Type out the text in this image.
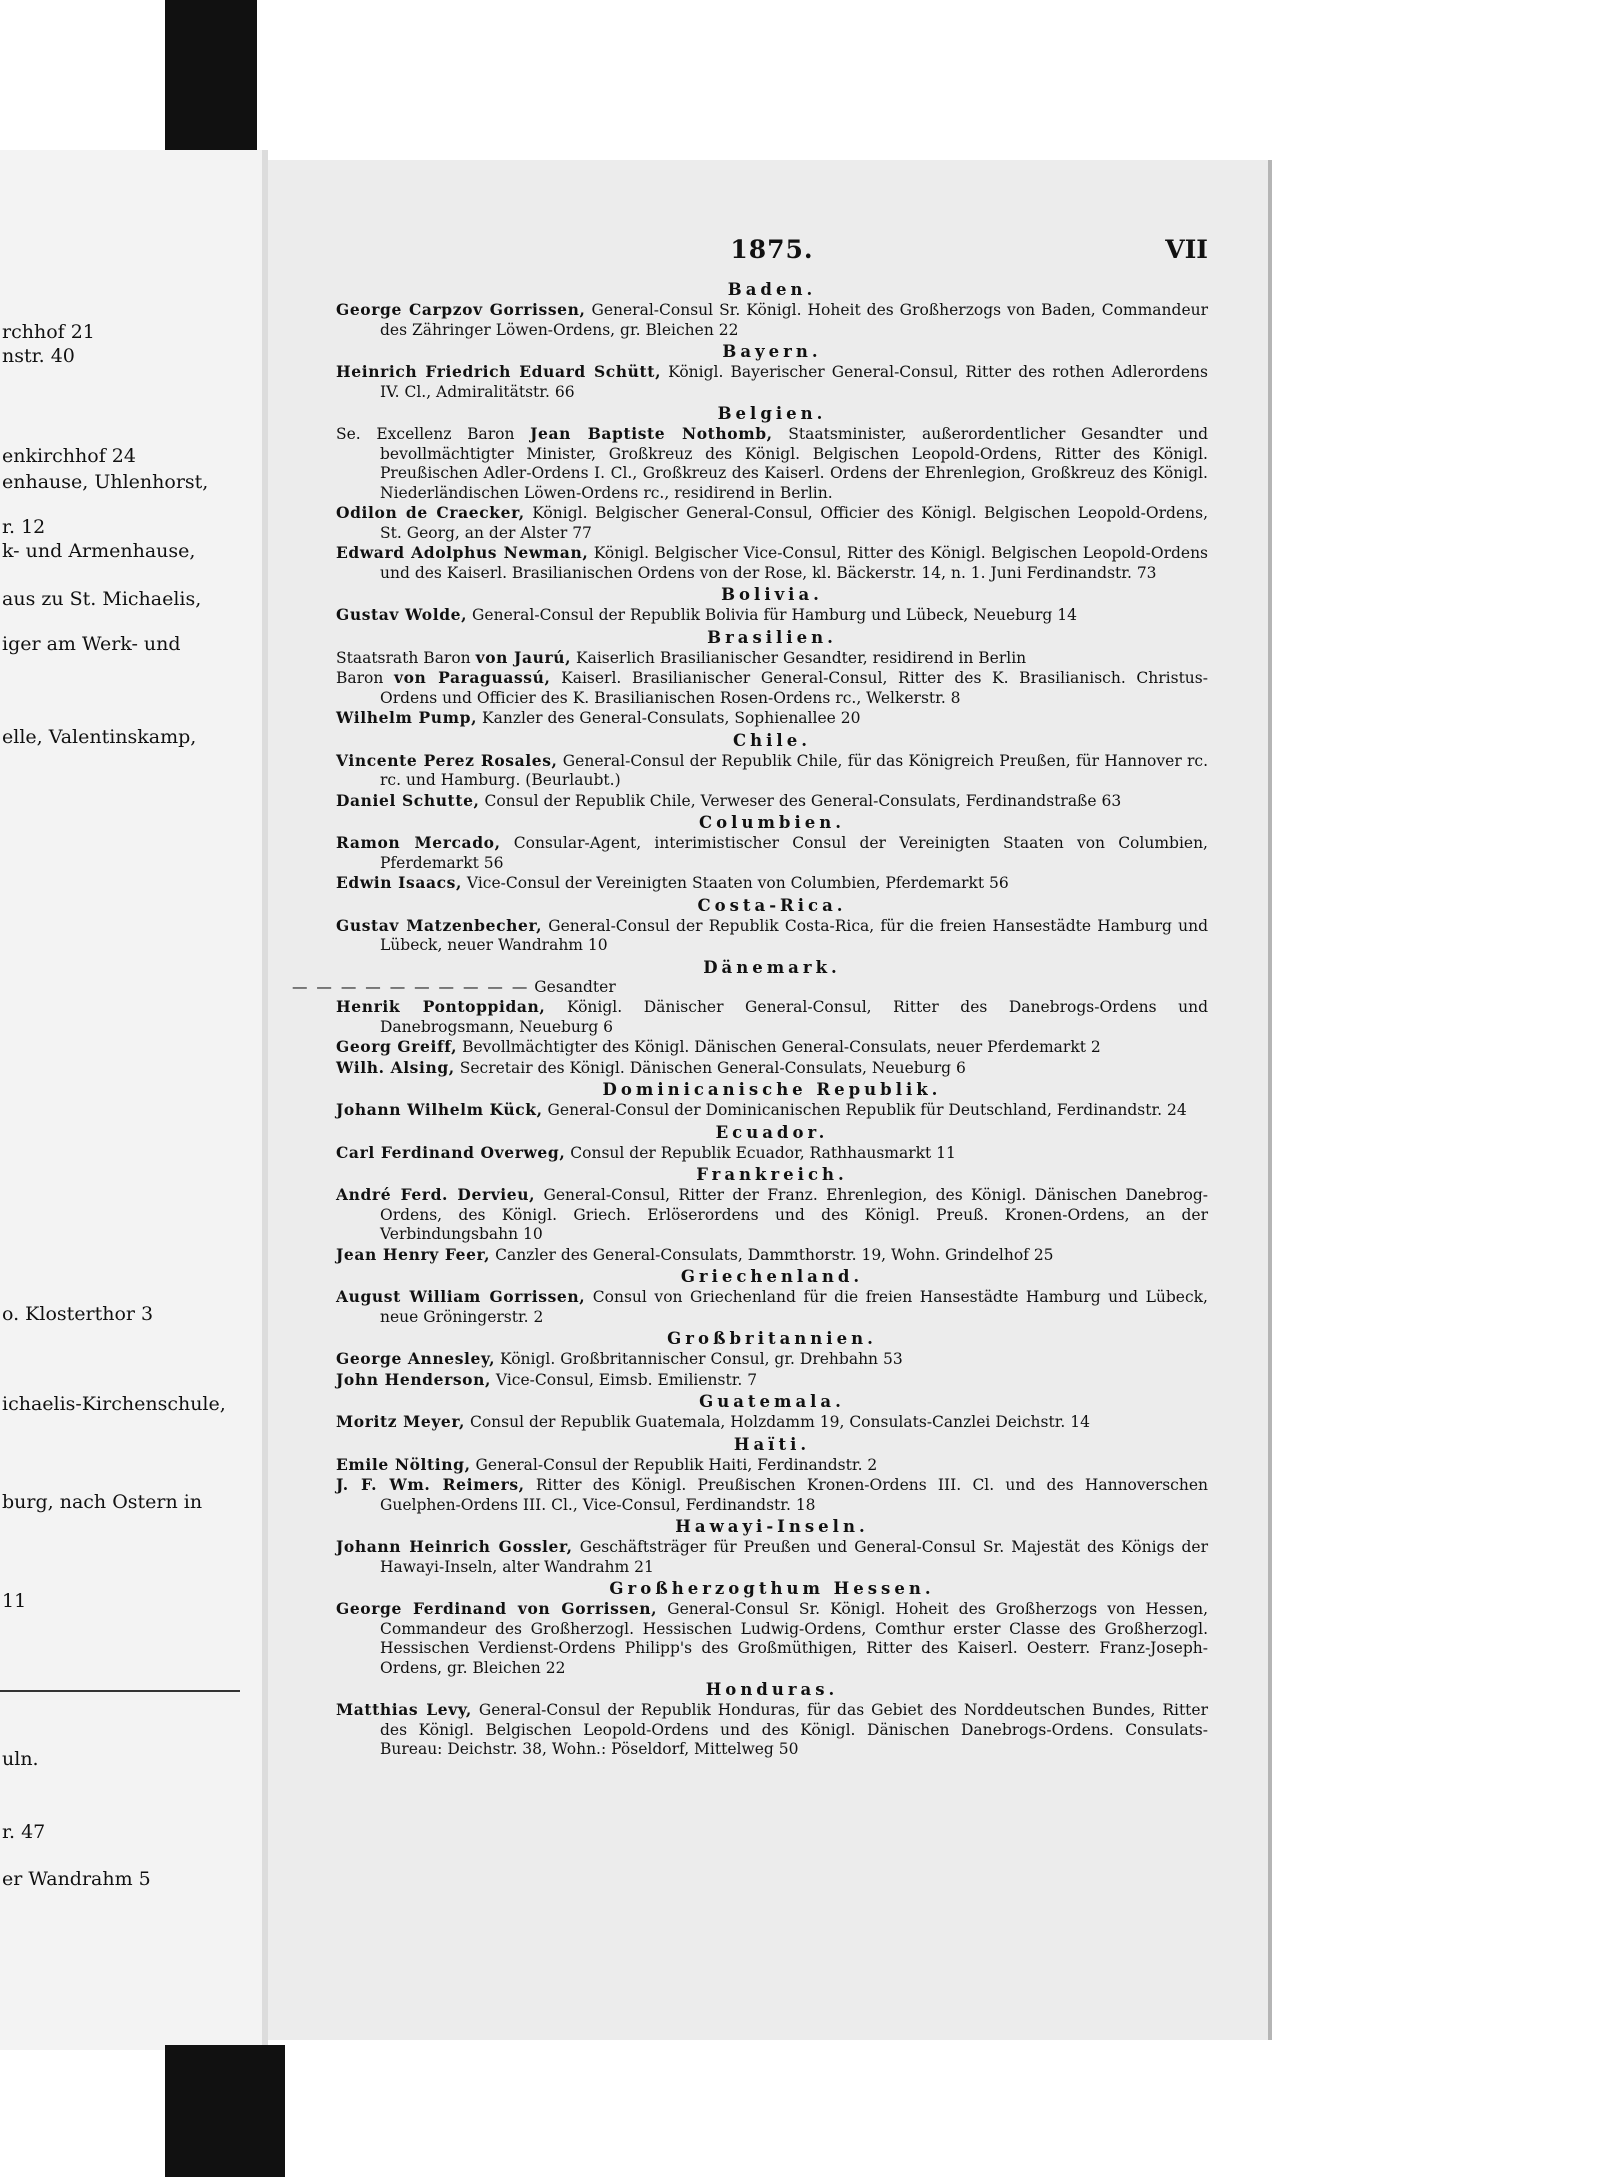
rchhof 21
nstr. 40
enkirchhof 24
enhause, Uhlenhorst,
r. 12
k- und Armenhause,
aus zu St. Michaelis,
iger am Werk- und
elle, Valentinskamp,
o. Klosterthor 3
ichaelis-Kirchenschule,
burg, nach Ostern in
11
uln.
r. 47
er Wandrahm 5
1875.	VII
Baden.
George Carpzov Gorrissen, General-Consul Sr. Königl. Hoheit des Großherzogs von Baden, Commandeur des Zähringer Löwen-Ordens, gr. Bleichen 22
Bayern.
Heinrich Friedrich Eduard Schütt, Königl. Bayerischer General-Consul, Ritter des rothen Adlerordens IV. Cl., Admiralitätstr. 66
Belgien.
Se. Excellenz Baron Jean Baptiste Nothomb, Staatsminister, außerordentlicher Gesandter und bevollmächtigter Minister, Großkreuz des Königl. Belgischen Leopold-Ordens, Ritter des Königl. Preußischen Adler-Ordens I. Cl., Großkreuz des Kaiserl. Ordens der Ehrenlegion, Großkreuz des Königl. Niederländischen Löwen-Ordens rc., residirend in Berlin.
Odilon de Craecker, Königl. Belgischer General-Consul, Officier des Königl. Belgischen Leopold-Ordens, St. Georg, an der Alster 77
Edward Adolphus Newman, Königl. Belgischer Vice-Consul, Ritter des Königl. Belgischen Leopold-Ordens und des Kaiserl. Brasilianischen Ordens von der Rose, kl. Bäckerstr. 14, n. 1. Juni Ferdinandstr. 73
Bolivia.
Gustav Wolde, General-Consul der Republik Bolivia für Hamburg und Lübeck, Neueburg 14
Brasilien.
Staatsrath Baron von Jaurú, Kaiserlich Brasilianischer Gesandter, residirend in Berlin
Baron von Paraguassú, Kaiserl. Brasilianischer General-Consul, Ritter des K. Brasilianisch. Christus-Ordens und Officier des K. Brasilianischen Rosen-Ordens rc., Welkerstr. 8
Wilhelm Pump, Kanzler des General-Consulats, Sophienallee 20
Chile.
Vincente Perez Rosales, General-Consul der Republik Chile, für das Königreich Preußen, für Hannover rc. rc. und Hamburg. (Beurlaubt.)
Daniel Schutte, Consul der Republik Chile, Verweser des General-Consulats, Ferdinandstraße 63
Columbien.
Ramon Mercado, Consular-Agent, interimistischer Consul der Vereinigten Staaten von Columbien, Pferdemarkt 56
Edwin Isaacs, Vice-Consul der Vereinigten Staaten von Columbien, Pferdemarkt 56
Costa-Rica.
Gustav Matzenbecher, General-Consul der Republik Costa-Rica, für die freien Hansestädte Hamburg und Lübeck, neuer Wandrahm 10
Dänemark.
— — — — — — — — — — Gesandter
Henrik Pontoppidan, Königl. Dänischer General-Consul, Ritter des Danebrogs-Ordens und Danebrogsmann, Neueburg 6
Georg Greiff, Bevollmächtigter des Königl. Dänischen General-Consulats, neuer Pferdemarkt 2
Wilh. Alsing, Secretair des Königl. Dänischen General-Consulats, Neueburg 6
Dominicanische Republik.
Johann Wilhelm Kück, General-Consul der Dominicanischen Republik für Deutschland, Ferdinandstr. 24
Ecuador.
Carl Ferdinand Overweg, Consul der Republik Ecuador, Rathhausmarkt 11
Frankreich.
André Ferd. Dervieu, General-Consul, Ritter der Franz. Ehrenlegion, des Königl. Dänischen Danebrog-Ordens, des Königl. Griech. Erlöserordens und des Königl. Preuß. Kronen-Ordens, an der Verbindungsbahn 10
Jean Henry Feer, Canzler des General-Consulats, Dammthorstr. 19, Wohn. Grindelhof 25
Griechenland.
August William Gorrissen, Consul von Griechenland für die freien Hansestädte Hamburg und Lübeck, neue Gröningerstr. 2
Großbritannien.
George Annesley, Königl. Großbritannischer Consul, gr. Drehbahn 53
John Henderson, Vice-Consul, Eimsb. Emilienstr. 7
Guatemala.
Moritz Meyer, Consul der Republik Guatemala, Holzdamm 19, Consulats-Canzlei Deichstr. 14
Haïti.
Emile Nölting, General-Consul der Republik Haiti, Ferdinandstr. 2
J. F. Wm. Reimers, Ritter des Königl. Preußischen Kronen-Ordens III. Cl. und des Hannoverschen Guelphen-Ordens III. Cl., Vice-Consul, Ferdinandstr. 18
Hawayi-Inseln.
Johann Heinrich Gossler, Geschäftsträger für Preußen und General-Consul Sr. Majestät des Königs der Hawayi-Inseln, alter Wandrahm 21
Großherzogthum Hessen.
George Ferdinand von Gorrissen, General-Consul Sr. Königl. Hoheit des Großherzogs von Hessen, Commandeur des Großherzogl. Hessischen Ludwig-Ordens, Comthur erster Classe des Großherzogl. Hessischen Verdienst-Ordens Philipp's des Großmüthigen, Ritter des Kaiserl. Oesterr. Franz-Joseph-Ordens, gr. Bleichen 22
Honduras.
Matthias Levy, General-Consul der Republik Honduras, für das Gebiet des Norddeutschen Bundes, Ritter des Königl. Belgischen Leopold-Ordens und des Königl. Dänischen Danebrogs-Ordens. Consulats-Bureau: Deichstr. 38, Wohn.: Pöseldorf, Mittelweg 50
